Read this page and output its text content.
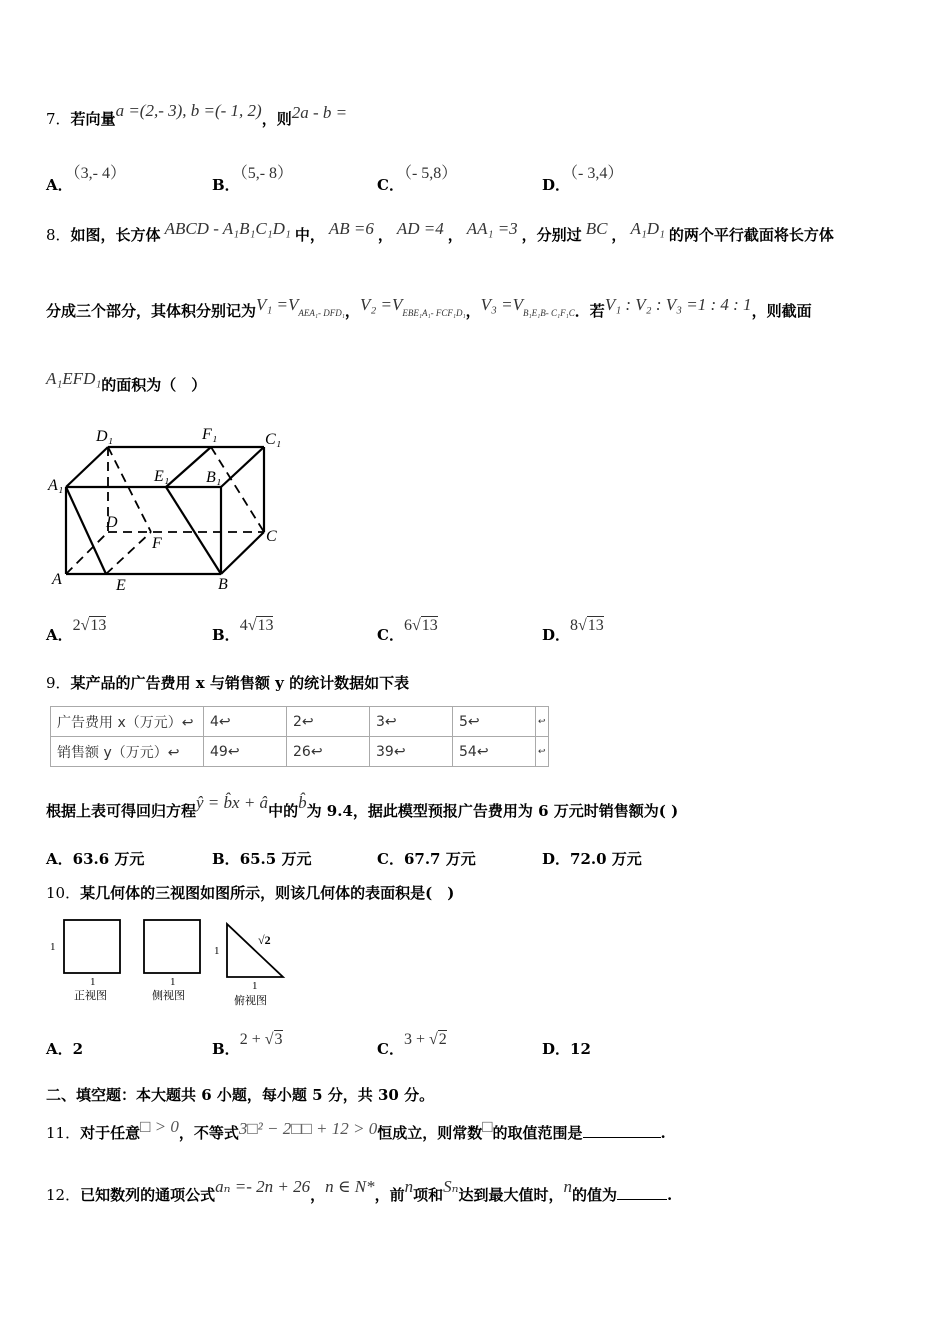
7．若向量a =(2,- 3), b =(- 1, 2)，则2a - b =
A．（3,- 4）
B．（5,- 8）
C．（- 5,8）
D．（- 3,4）
8．如图，长方体 ABCD - A₁B₁C₁D₁ 中， AB =6 ， AD =4 ， AA₁ =3 ，分别过 BC ， A₁D₁ 的两个平行截面将长方体
分成三个部分，其体积分别记为V₁ =VAEA₁- DFD₁，V₂ =VEBE₁A₁- FCF₁D₁，V₃ =VB₁E₁B- C₁F₁C．若V₁ : V₂ : V₃ =1 : 4 : 1，则截面
A₁EFD₁的面积为（　）
D₁	F₁	C₁
A₁
E₁ B₁
D
F	C
A	E	B
A．2√13
B．4√13
C．6√13
D．8√13
9．某产品的广告费用 x 与销售额 y 的统计数据如下表
广告费用 x（万元）↩	4↩	2↩	3↩	5↩	↩
销售额 y（万元）↩	49↩	26↩	39↩	54↩	↩
根据上表可得回归方程ŷ = b̂x + â中的b̂为 9.4，据此模型预报广告费用为 6 万元时销售额为( )
A．63.6 万元	B．65.5 万元	C．67.7 万元	D．72.0 万元
10．某几何体的三视图如图所示，则该几何体的表面积是(　)
1
1	1
1
1
√2
正视图	侧视图	俯视图
A．2	B．2 + √3
C．3 + √2
D．12
二、填空题：本大题共 6 小题，每小题 5 分，共 30 分。
11．对于任意□ > 0，不等式3□² − 2□□ + 12 > 0恒成立，则常数□的取值范围是	.
12．已知数列的通项公式aₙ =- 2n + 26，n ∈ N*，前n项和Sₙ达到最大值时，n的值为	.
